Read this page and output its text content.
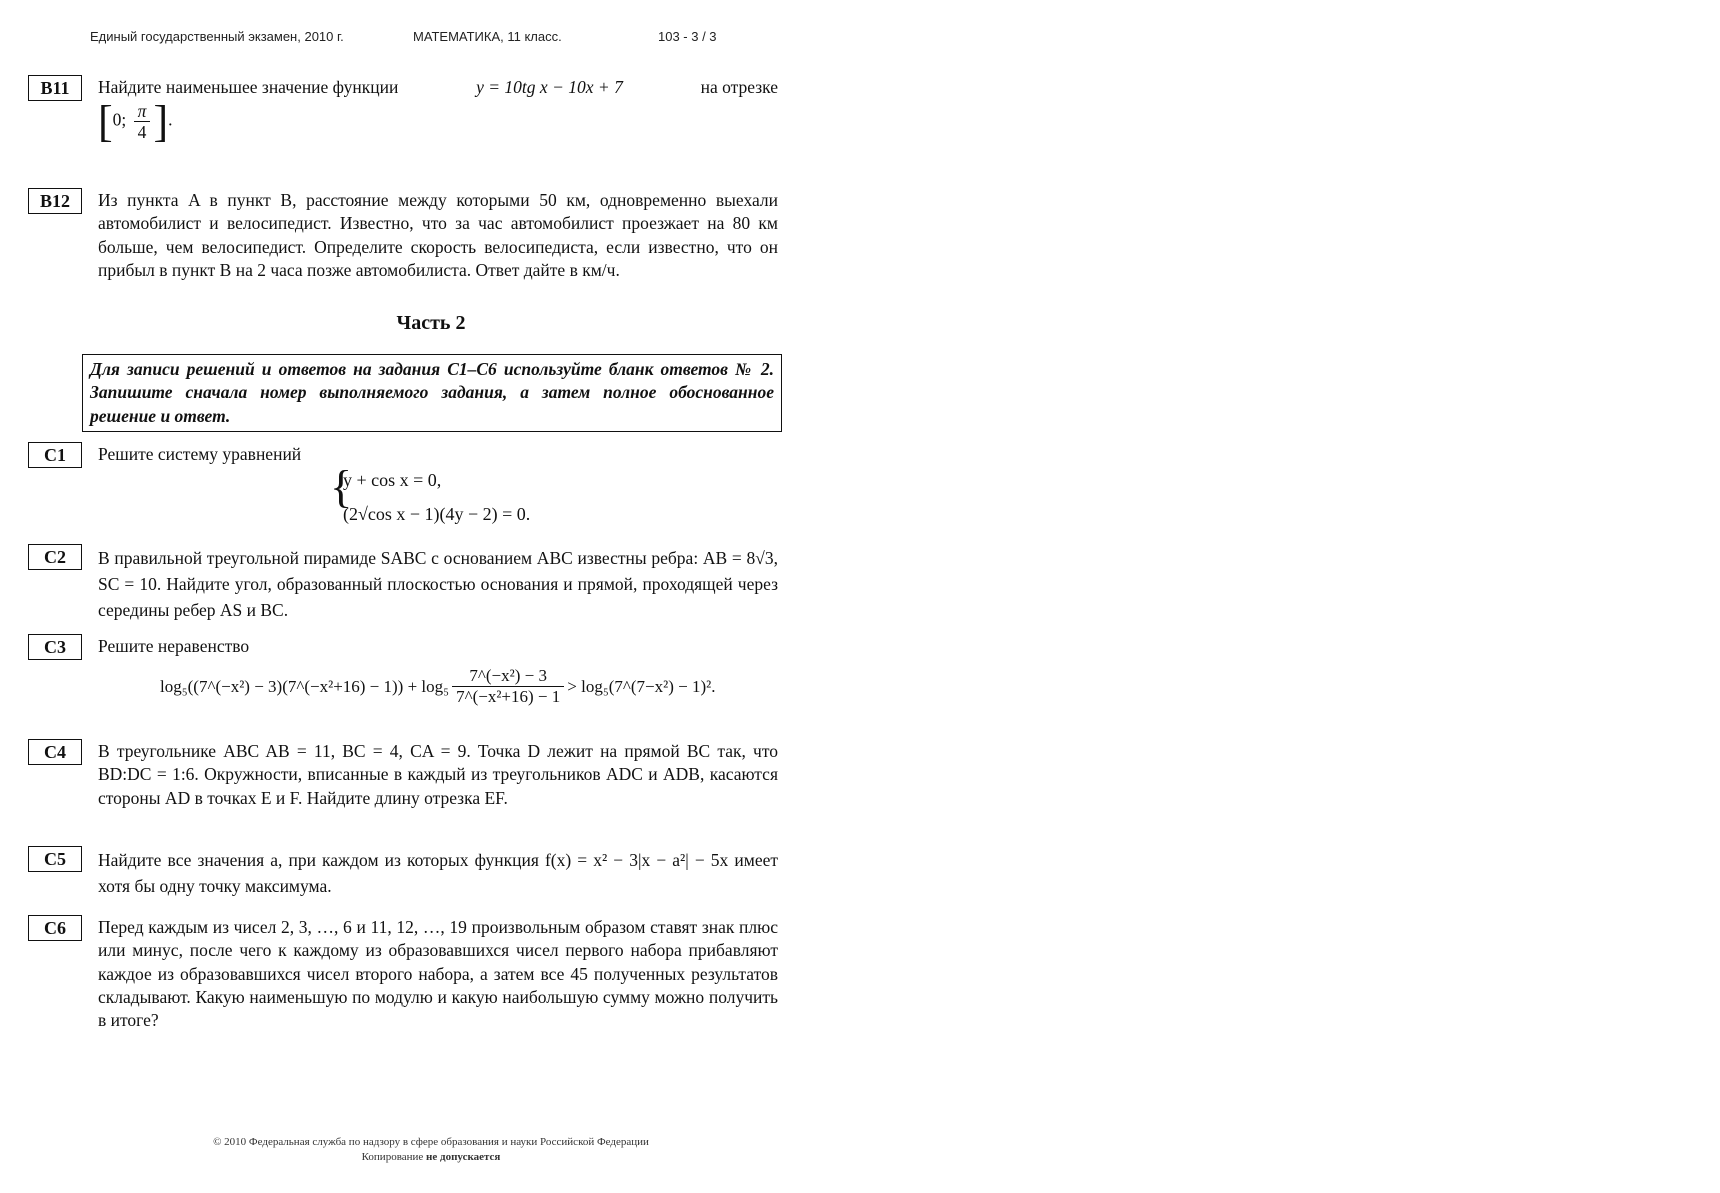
Единый государственный экзамен, 2010 г.	МАТЕМАТИКА, 11 класс.	103 - 3 / 3
B11	Найдите наименьшее значение функции	y = 10tg x − 10x + 7	на отрезке

[0; $\frac{\pi}{4}$ ].

B12	Из пункта A в пункт B, расстояние между которыми 50 км, одновременно выехали автомобилист и велосипедист. Известно, что за час автомобилист проезжает на 80 км больше, чем велосипедист. Определите скорость велосипедиста, если известно, что он прибыл в пункт B на 2 часа позже автомобилиста. Ответ дайте в км/ч.
Часть 2
Для записи решений и ответов на задания С1–С6 используйте бланк ответов № 2. Запишите сначала номер выполняемого задания, а затем полное обоснованное решение и ответ.
С1	Решите систему уравнений
{
y + cos x = 0,
(2√cos x − 1)(4y − 2) = 0.
С2	В правильной треугольной пирамиде SABC с основанием ABC известны ребра: AB = 8√3, SC = 10. Найдите угол, образованный плоскостью основания и прямой, проходящей через середины ребер AS и BC.
С3	Решите неравенство
log₅((7^(−x²) − 3)(7^(−x²+16) − $1)) + \log_5 \frac{\text{7\textasciicircum{}(−x²) − 3}}{\text{7\textasciicircum{}(−x²+16) − 1}}$ > log₅(7^(7−x²) − 1)².
С4	В треугольнике ABC AB = 11, BC = 4, CA = 9. Точка D лежит на прямой BC так, что BD:DC = 1:6. Окружности, вписанные в каждый из треугольников ADC и ADB, касаются стороны AD в точках E и F. Найдите длину отрезка EF.
С5	Найдите все значения a, при каждом из которых функция f(x) = x² − 3|x − a²| − 5x имеет хотя бы одну точку максимума.
С6	Перед каждым из чисел 2, 3, …, 6 и 11, 12, …, 19 произвольным образом ставят знак плюс или минус, после чего к каждому из образовавшихся чисел первого набора прибавляют каждое из образовавшихся чисел второго набора, а затем все 45 полученных результатов складывают. Какую наименьшую по модулю и какую наибольшую сумму можно получить в итоге?
© 2010 Федеральная служба по надзору в сфере образования и науки Российской Федерации
Копирование не допускается
